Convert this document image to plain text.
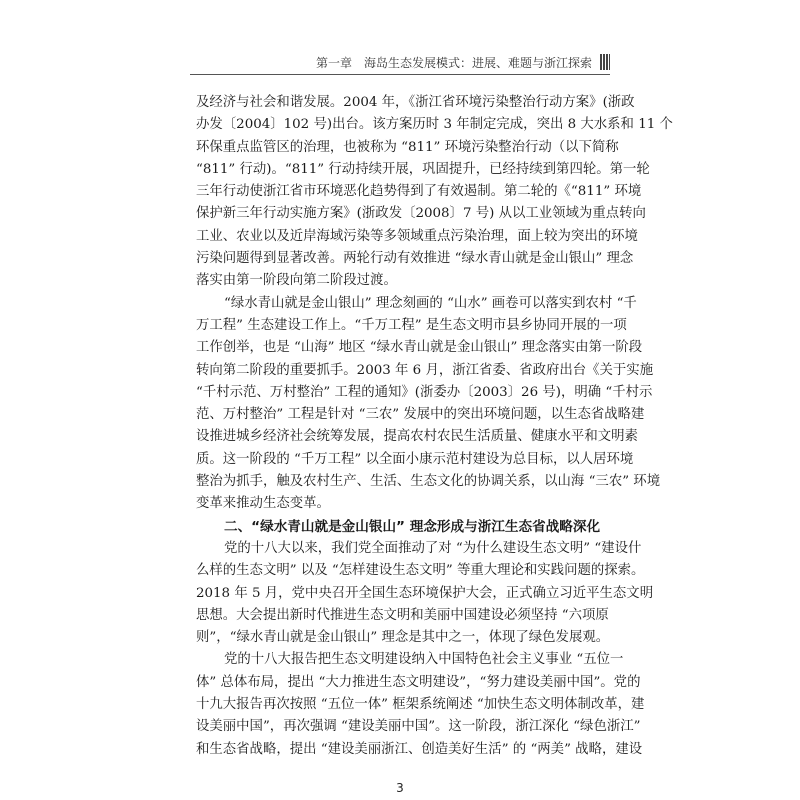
第一章 海岛生态发展模式：进展、难题与浙江探索
及经济与社会和谐发展。2004 年，《浙江省环境污染整治行动方案》(浙政
办发〔2004〕102 号)出台。该方案历时 3 年制定完成，突出 8 大水系和 11 个
环保重点监管区的治理，也被称为 “811” 环境污染整治行动（以下简称
“811” 行动)。“811” 行动持续开展，巩固提升，已经持续到第四轮。第一轮
三年行动使浙江省市环境恶化趋势得到了有效遏制。第二轮的《“811” 环境
保护新三年行动实施方案》(浙政发〔2008〕7 号) 从以工业领域为重点转向
工业、农业以及近岸海域污染等多领域重点污染治理，面上较为突出的环境
污染问题得到显著改善。两轮行动有效推进 “绿水青山就是金山银山” 理念
落实由第一阶段向第二阶段过渡。
“绿水青山就是金山银山” 理念刻画的 “山水” 画卷可以落实到农村 “千
万工程” 生态建设工作上。“千万工程” 是生态文明市县乡协同开展的一项
工作创举，也是 “山海” 地区 “绿水青山就是金山银山” 理念落实由第一阶段
转向第二阶段的重要抓手。2003 年 6 月，浙江省委、省政府出台《关于实施
“千村示范、万村整治” 工程的通知》(浙委办〔2003〕26 号)，明确 “千村示
范、万村整治” 工程是针对 “三农” 发展中的突出环境问题，以生态省战略建
设推进城乡经济社会统筹发展，提高农村农民生活质量、健康水平和文明素
质。这一阶段的 “千万工程” 以全面小康示范村建设为总目标，以人居环境
整治为抓手，触及农村生产、生活、生态文化的协调关系，以山海 “三农” 环境
变革来推动生态变革。
二、“绿水青山就是金山银山” 理念形成与浙江生态省战略深化
党的十八大以来，我们党全面推动了对 “为什么建设生态文明” “建设什
么样的生态文明” 以及 “怎样建设生态文明” 等重大理论和实践问题的探索。
2018 年 5 月，党中央召开全国生态环境保护大会，正式确立习近平生态文明
思想。大会提出新时代推进生态文明和美丽中国建设必须坚持 “六项原
则”，“绿水青山就是金山银山” 理念是其中之一，体现了绿色发展观。
党的十八大报告把生态文明建设纳入中国特色社会主义事业 “五位一
体” 总体布局，提出 “大力推进生态文明建设”，“努力建设美丽中国”。党的
十九大报告再次按照 “五位一体” 框架系统阐述 “加快生态文明体制改革，建
设美丽中国”，再次强调 “建设美丽中国”。这一阶段，浙江深化 “绿色浙江”
和生态省战略，提出 “建设美丽浙江、创造美好生活” 的 “两美” 战略，建设
3
